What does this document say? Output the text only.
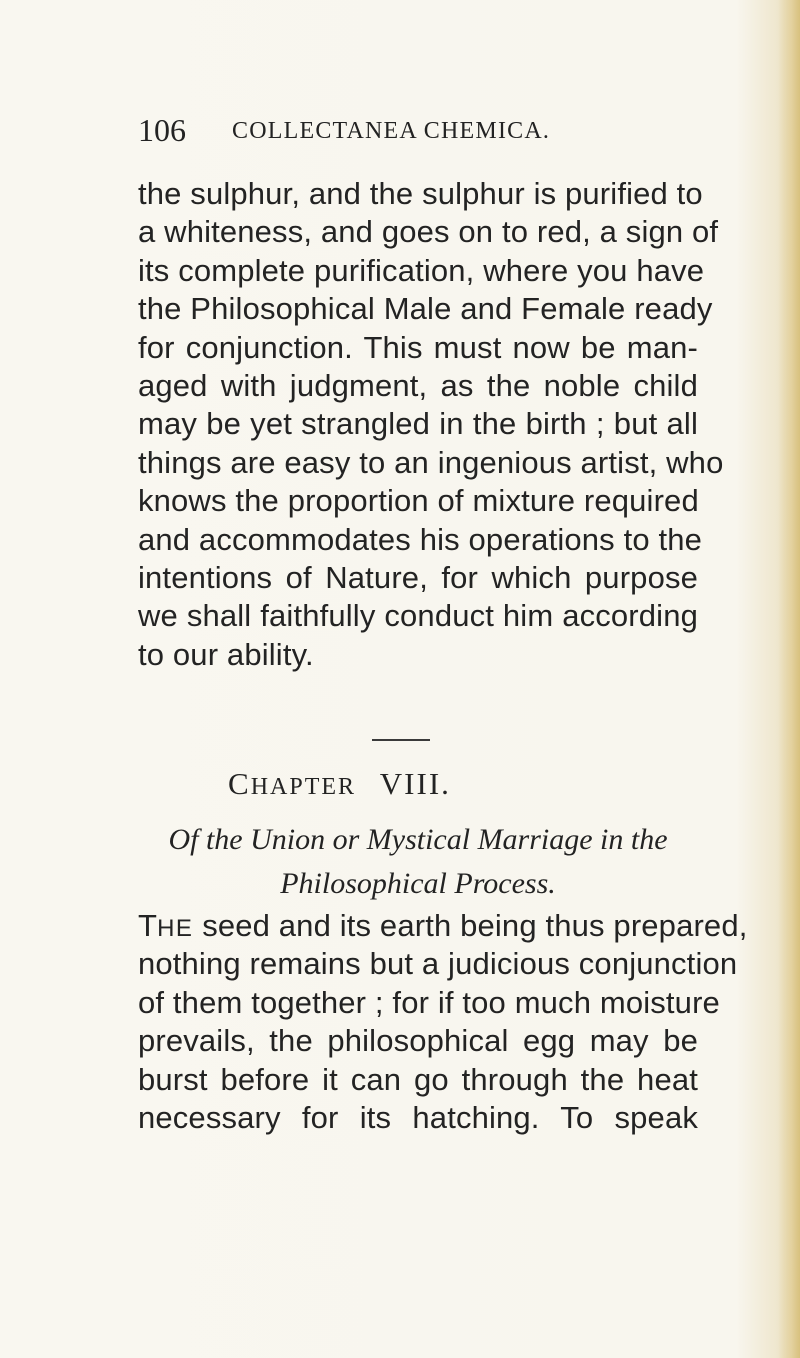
106 COLLECTANEA CHEMICA.
the sulphur, and the sulphur is purified to
a whiteness, and goes on to red, a sign of
its complete purification, where you have
the Philosophical Male and Female ready
for conjunction. This must now be man-
aged with judgment, as the noble child
may be yet strangled in the birth ; but all
things are easy to an ingenious artist, who
knows the proportion of mixture required
and accommodates his operations to the
intentions of Nature, for which purpose
we shall faithfully conduct him according
to our ability.
CHAPTER VIII.
Of the Union or Mystical Marriage in the
Philosophical Process.
THE seed and its earth being thus prepared,
nothing remains but a judicious conjunction
of them together ; for if too much moisture
prevails, the philosophical egg may be
burst before it can go through the heat
necessary for its hatching. To speak
